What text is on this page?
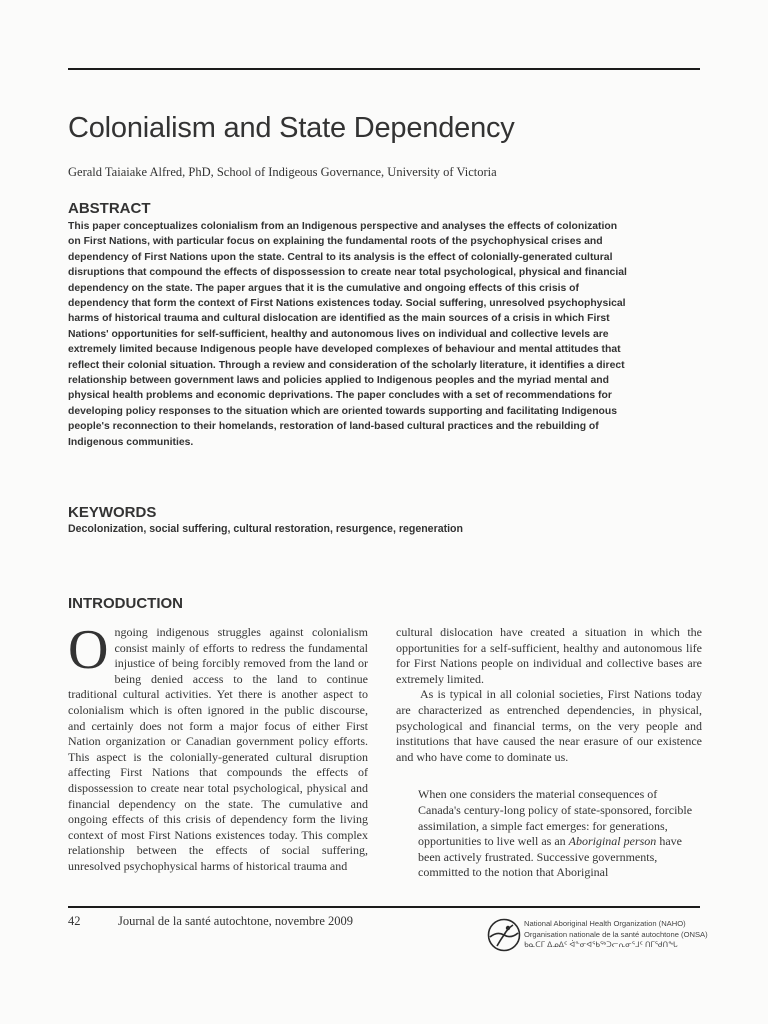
Colonialism and State Dependency

Gerald Taiaiake Alfred, PhD, School of Indigeous Governance, University of Victoria

ABSTRACT

This paper conceptualizes colonialism from an Indigenous perspective and analyses the effects of colonization on First Nations, with particular focus on explaining the fundamental roots of the psychophysical crises and dependency of First Nations upon the state. Central to its analysis is the effect of colonially-generated cultural disruptions that compound the effects of dispossession to create near total psychological, physical and financial dependency on the state. The paper argues that it is the cumulative and ongoing effects of this crisis of dependency that form the context of First Nations existences today. Social suffering, unresolved psychophysical harms of historical trauma and cultural dislocation are identified as the main sources of a crisis in which First Nations' opportunities for self-sufficient, healthy and autonomous lives on individual and collective levels are extremely limited because Indigenous people have developed complexes of behaviour and mental attitudes that reflect their colonial situation. Through a review and consideration of the scholarly literature, it identifies a direct relationship between government laws and policies applied to Indigenous peoples and the myriad mental and physical health problems and economic deprivations. The paper concludes with a set of recommendations for developing policy responses to the situation which are oriented towards supporting and facilitating Indigenous people's reconnection to their homelands, restoration of land-based cultural practices and the rebuilding of Indigenous communities.

KEYWORDS

Decolonization, social suffering, cultural restoration, resurgence, regeneration

INTRODUCTION

Ongoing indigenous struggles against colonialism consist mainly of efforts to redress the fundamental injustice of being forcibly removed from the land or being denied access to the land to continue traditional cultural activities. Yet there is another aspect to colonialism which is often ignored in the public discourse, and certainly does not form a major focus of either First Nation organization or Canadian government policy efforts. This aspect is the colonially-generated cultural disruption affecting First Nations that compounds the effects of dispossession to create near total psychological, physical and financial dependency on the state. The cumulative and ongoing effects of this crisis of dependency form the living context of most First Nations existences today. This complex relationship between the effects of social suffering, unresolved psychophysical harms of historical trauma and

cultural dislocation have created a situation in which the opportunities for a self-sufficient, healthy and autonomous life for First Nations people on individual and collective bases are extremely limited.

As is typical in all colonial societies, First Nations today are characterized as entrenched dependencies, in physical, psychological and financial terms, on the very people and institutions that have caused the near erasure of our existence and who have come to dominate us.

When one considers the material consequences of Canada's century-long policy of state-sponsored, forcible assimilation, a simple fact emerges: for generations, opportunities to live well as an Aboriginal person have been actively frustrated. Successive governments, committed to the notion that Aboriginal

42	Journal de la santé autochtone, novembre 2009	National Aboriginal Health Organization (NAHO)
Organisation nationale de la santé autochtone (ONSA)
ᑲᓇᑕᒥ ᐃᓄᐃᑦ ᐋᓐᓂᐊᖃᖅᑐᓕᕆᓂᕐᒧᑦ ᑎᒥᖁᑎᖓ
